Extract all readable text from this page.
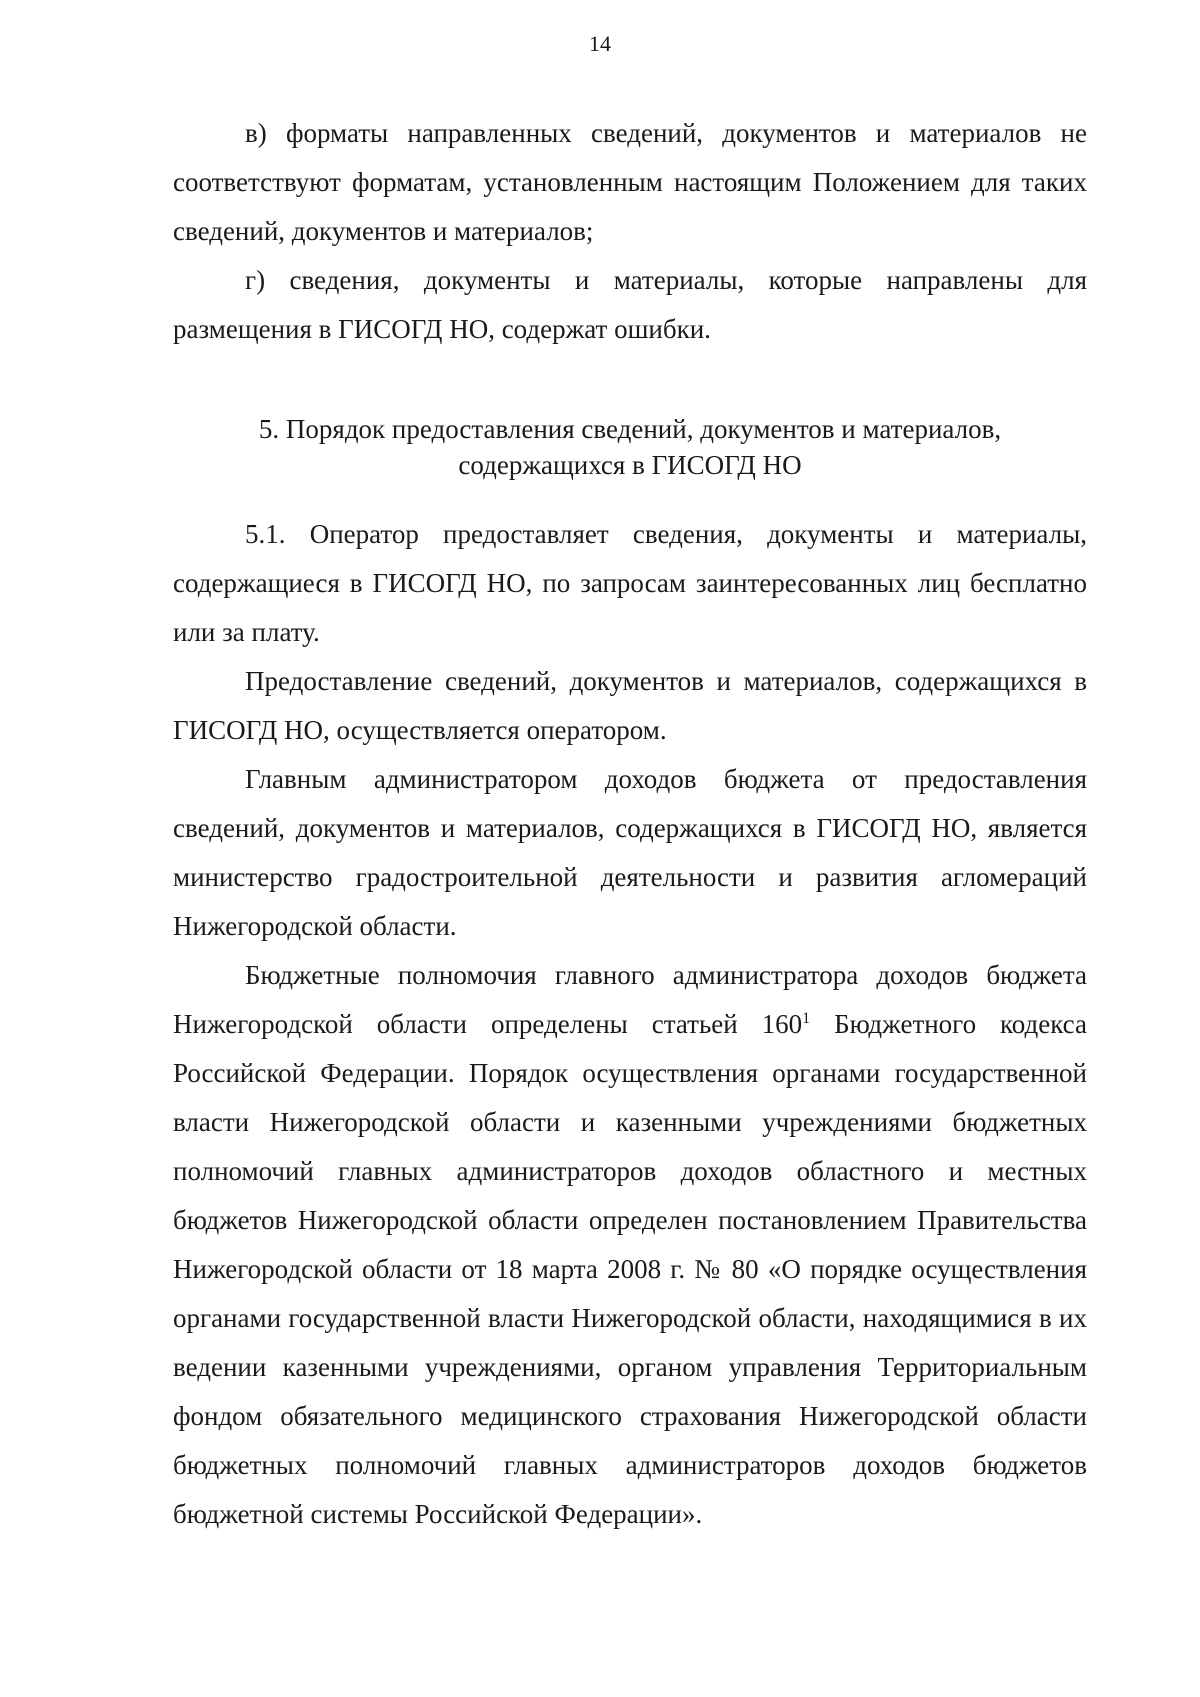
14

в) форматы направленных сведений, документов и материалов не соответствуют форматам, установленным настоящим Положением для таких сведений, документов и материалов;

г) сведения, документы и материалы, которые направлены для размещения в ГИСОГД НО, содержат ошибки.

5. Порядок предоставления сведений, документов и материалов,
содержащихся в ГИСОГД НО

5.1. Оператор предоставляет сведения, документы и материалы, содержащиеся в ГИСОГД НО, по запросам заинтересованных лиц бесплатно или за плату.

Предоставление сведений, документов и материалов, содержащихся в ГИСОГД НО, осуществляется оператором.

Главным администратором доходов бюджета от предоставления сведений, документов и материалов, содержащихся в ГИСОГД НО, является министерство градостроительной деятельности и развития агломераций Нижегородской области.

Бюджетные полномочия главного администратора доходов бюджета Нижегородской области определены статьей $160^1$ Бюджетного кодекса Российской Федерации. Порядок осуществления органами государственной власти Нижегородской области и казенными учреждениями бюджетных полномочий главных администраторов доходов областного и местных бюджетов Нижегородской области определен постановлением Правительства Нижегородской области от 18 марта 2008 г. № 80 «О порядке осуществления органами государственной власти Нижегородской области, находящимися в их ведении казенными учреждениями, органом управления Территориальным фондом обязательного медицинского страхования Нижегородской области бюджетных полномочий главных администраторов доходов бюджетов бюджетной системы Российской Федерации».
